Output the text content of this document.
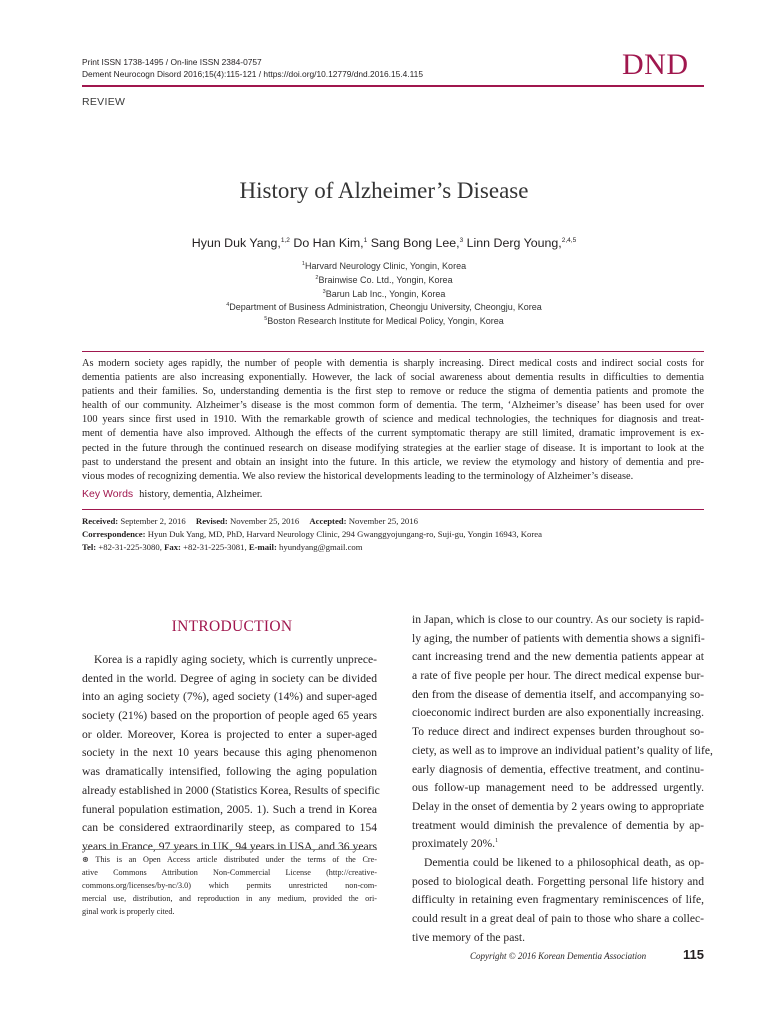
Print ISSN 1738-1495 / On-line ISSN 2384-0757
Dement Neurocogn Disord 2016;15(4):115-121 / https://doi.org/10.12779/dnd.2016.15.4.115	DND
REVIEW
History of Alzheimer’s Disease
Hyun Duk Yang,$^{1,2}$ Do Han Kim,$^1$ Sang Bong Lee,$^3$ Linn Derg Young,$^{2,4,5}$
$^1$Harvard Neurology Clinic, Yongin, Korea
$^2$Brainwise Co. Ltd., Yongin, Korea
$^3$Barun Lab Inc., Yongin, Korea
$^4$Department of Business Administration, Cheongju University, Cheongju, Korea
$^5$Boston Research Institute for Medical Policy, Yongin, Korea
As modern society ages rapidly, the number of people with dementia is sharply increasing. Direct medical costs and indirect social costs for
dementia patients are also increasing exponentially. However, the lack of social awareness about dementia results in difficulties to dementia
patients and their families. So, understanding dementia is the first step to remove or reduce the stigma of dementia patients and promote the
health of our community. Alzheimer’s disease is the most common form of dementia. The term, ‘Alzheimer’s disease’ has been used for over
100 years since first used in 1910. With the remarkable growth of science and medical technologies, the techniques for diagnosis and treat-
ment of dementia have also improved. Although the effects of the current symptomatic therapy are still limited, dramatic improvement is ex-
pected in the future through the continued research on disease modifying strategies at the earlier stage of disease. It is important to look at the
past to understand the present and obtain an insight into the future. In this article, we review the etymology and history of dementia and pre-
vious modes of recognizing dementia. We also review the historical developments leading to the terminology of Alzheimer’s disease.
Key Words history, dementia, Alzheimer.
Received: September 2, 2016 Revised: November 25, 2016 Accepted: November 25, 2016
Correspondence: Hyun Duk Yang, MD, PhD, Harvard Neurology Clinic, 294 Gwanggyojungang-ro, Suji-gu, Yongin 16943, Korea
Tel: +82-31-225-3080, Fax: +82-31-225-3081, E-mail: hyundyang@gmail.com
INTRODUCTION
Korea is a rapidly aging society, which is currently unprece-
dented in the world. Degree of aging in society can be divided
into an aging society (7%), aged society (14%) and super-aged
society (21%) based on the proportion of people aged 65 years
or older. Moreover, Korea is projected to enter a super-aged
society in the next 10 years because this aging phenomenon
was dramatically intensified, following the aging population
already established in 2000 (Statistics Korea, Results of specific
funeral population estimation, 2005. 1). Such a trend in Korea
can be considered extraordinarily steep, as compared to 154
years in France, 97 years in UK, 94 years in USA, and 36 years
in Japan, which is close to our country. As our society is rapid-
ly aging, the number of patients with dementia shows a signifi-
cant increasing trend and the new dementia patients appear at
a rate of five people per hour. The direct medical expense bur-
den from the disease of dementia itself, and accompanying so-
cioeconomic indirect burden are also exponentially increasing.
To reduce direct and indirect expenses burden throughout so-
ciety, as well as to improve an individual patient’s quality of life,
early diagnosis of dementia, effective treatment, and continu-
ous follow-up management need to be addressed urgently.
Delay in the onset of dementia by 2 years owing to appropriate
treatment would diminish the prevalence of dementia by ap-
proximately 20%.$^1$
Dementia could be likened to a philosophical death, as op-
posed to biological death. Forgetting personal life history and
difficulty in retaining even fragmentary reminiscences of life,
could result in a great deal of pain to those who share a collec-
tive memory of the past.
⊛ This is an Open Access article distributed under the terms of the Cre-
ative Commons Attribution Non-Commercial License (http://creative-
commons.org/licenses/by-nc/3.0) which permits unrestricted non-com-
mercial use, distribution, and reproduction in any medium, provided the ori-
ginal work is properly cited.
Copyright © 2016 Korean Dementia Association	115
